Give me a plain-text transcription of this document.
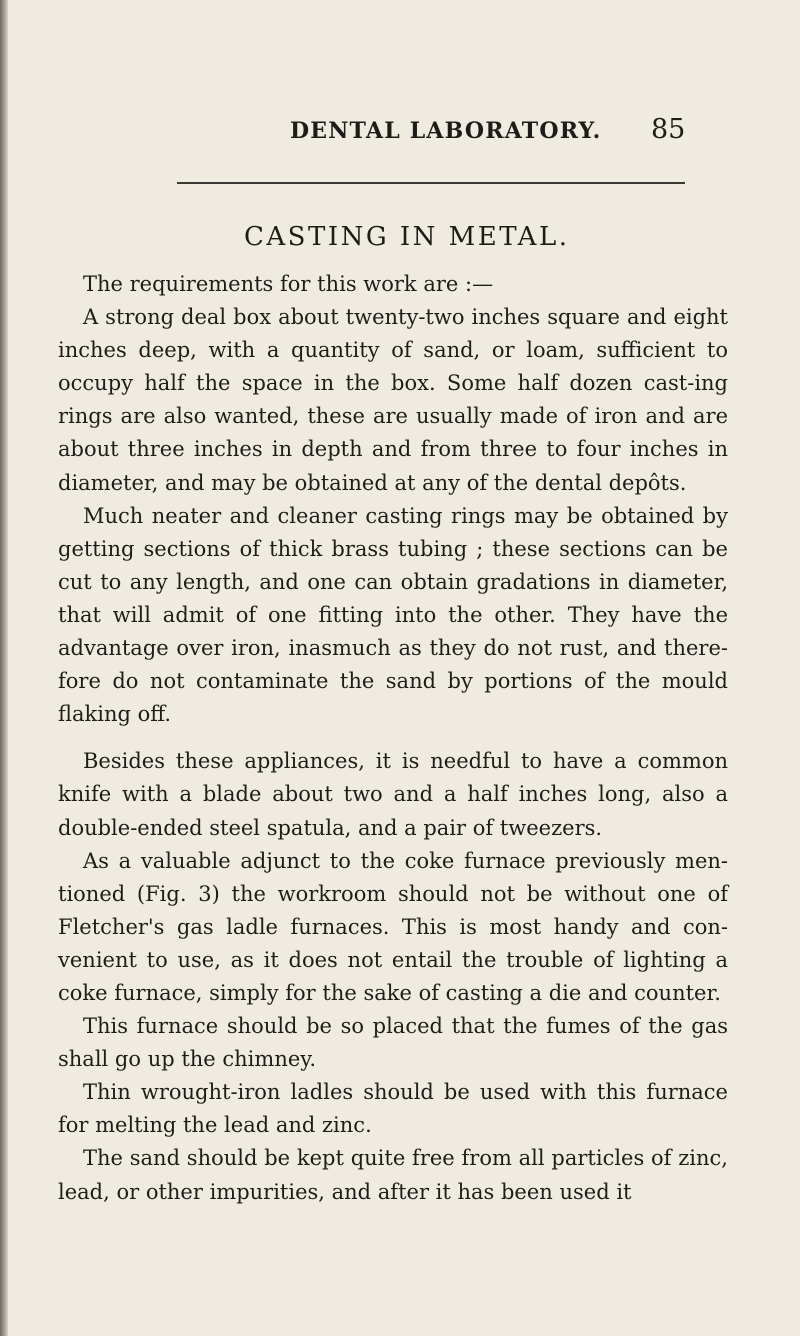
DENTAL LABORATORY. 85
CASTING IN METAL.

The requirements for this work are :—

A strong deal box about twenty-two inches square and eight inches deep, with a quantity of sand, or loam, sufficient to occupy half the space in the box. Some half dozen cast-ing rings are also wanted, these are usually made of iron and are about three inches in depth and from three to four inches in diameter, and may be obtained at any of the dental depôts.

Much neater and cleaner casting rings may be obtained by getting sections of thick brass tubing ; these sections can be cut to any length, and one can obtain gradations in diameter, that will admit of one fitting into the other. They have the advantage over iron, inasmuch as they do not rust, and there-fore do not contaminate the sand by portions of the mould flaking off.

Besides these appliances, it is needful to have a common knife with a blade about two and a half inches long, also a double-ended steel spatula, and a pair of tweezers.

As a valuable adjunct to the coke furnace previously men-tioned (Fig. 3) the workroom should not be without one of Fletcher's gas ladle furnaces. This is most handy and con-venient to use, as it does not entail the trouble of lighting a coke furnace, simply for the sake of casting a die and counter.

This furnace should be so placed that the fumes of the gas shall go up the chimney.

Thin wrought-iron ladles should be used with this furnace for melting the lead and zinc.

The sand should be kept quite free from all particles of zinc, lead, or other impurities, and after it has been used it
